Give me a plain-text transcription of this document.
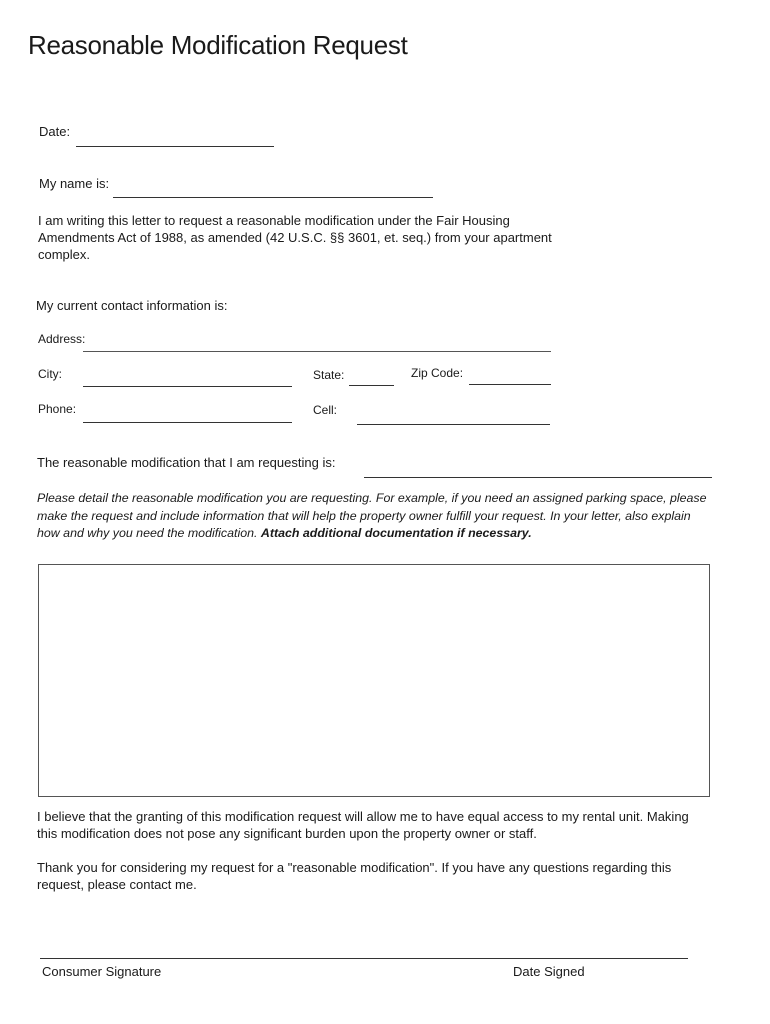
Reasonable Modification Request
Date:
My name is:
I am writing this letter to request a reasonable modification under the Fair Housing
Amendments Act of 1988, as amended (42 U.S.C. §§ 3601, et. seq.) from your apartment
complex.
My current contact information is:
Address:
City:	State:	Zip Code:
Phone:	Cell:
The reasonable modification that I am requesting is:
Please detail the reasonable modification you are requesting. For example, if you need an assigned parking space, please
make the request and include information that will help the property owner fulfill your request. In your letter, also explain
how and why you need the modification. Attach additional documentation if necessary.
I believe that the granting of this modification request will allow me to have equal access to my rental unit. Making
this modification does not pose any significant burden upon the property owner or staff.
Thank you for considering my request for a "reasonable modification". If you have any questions regarding this
request, please contact me.
Consumer Signature	Date Signed
